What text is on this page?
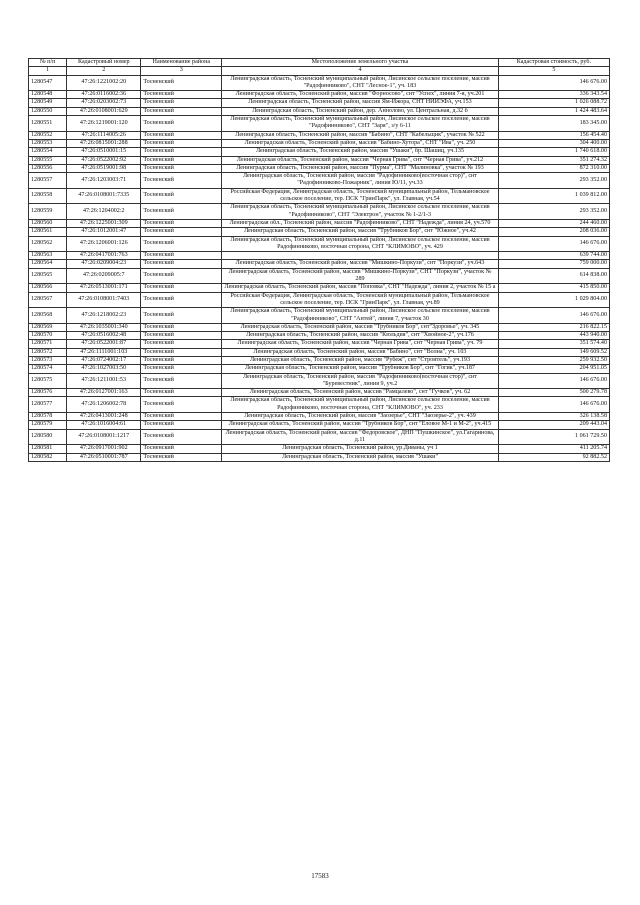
№ п/п	Кадастровый номер	Наименование района	Местоположение земельного участка	Кадастровая стоимость, руб.
1	2	3	4	5
1280547	47:26:1221002:20	Тосненский	Ленинградская область, Тосненский муниципальный район, Лисинское сельское поселение, массив "Радофинниково", СНТ "Лесное-1", уч. 183	146 676.00
1280548	47:26:0116002:36	Тосненский	Ленинградская область, Тосненский район, массив "Форносово", снт "Успех", линия 7-я, уч.201	336 343.54
1280549	47:26:0203002:73	Тосненский	Ленинградская область, Тосненский район, массив Ям-Ижора, СНТ НИИЭФА, уч.153	1 026 088.72
1280550	47:26:0108001:629	Тосненский	Ленинградская область, Тосненский район, дер. Аннолово, ул. Центральная, д.32 б	1 424 483.64
1280551	47:26:1219001:120	Тосненский	Ленинградская область, Тосненский муниципальный район, Лисинское сельское поселение, массив "Радофинниково", СНТ "Заря", з/у 6-11	183 345.00
1280552	47:26:1114005:26	Тосненский	Ленинградская область, Тосненский район, массив "Бабино", СНТ "Кабельщик", участок № 522	156 454.40
1280553	47:26:0815001:288	Тосненский	Ленинградская область, Тосненский район, массив "Бабино-Хутора", СНТ "Ива", уч. 250	304 400.00
1280554	47:26:0510001:15	Тосненский	Ленинградская область, Тосненский район, массив "Ушаки", бр. Шашиц, уч.135	1 740 618.00
1280555	47:26:0522002:92	Тосненский	Ленинградская область, Тосненский район, массив "Черная Грива", снт "Черная Грива", уч.212	351 274.32
1280556	47:26:0519001:98	Тосненский	Ленинградская область, Тосненский район, массив "Пурма", СНТ "Малиновка", участок № 193	872 310.00
1280557	47:26:1203003:71	Тосненский	Ленинградская область, Тосненский район, массив "Радофинниково(восточная стор)", снт "Радофинниково-Пожарник", линия Ю/11, уч.33	293 352.00
1280558	47:26:0108001:7335	Тосненский	Российская Федерация, Ленинградская область, Тосненский муниципальный район, Тельмановское сельское поселение, тер. ПСК "ГринПарк", ул. Главная, уч.54	1 039 812.00
1280559	47:26:1204002:2	Тосненский	Ленинградская область, Тосненский муниципальный район, Лисинское сельское поселение, массив "Радофинниково", СНТ "Электрон", участок № 1-2/1-3	293 352.00
1280560	47:26:1225001:309	Тосненский	Ленинградская обл., Тосненский район, массив "Радофинниково", СНТ "Надежда", линия 24, уч.570	244 460.00
1280561	47:26:1012001:47	Тосненский	Ленинградская область, Тосненский район, массив "Трубников Бор", снт "Южное", уч.42	208 036.00
1280562	47:26:1206001:126	Тосненский	Ленинградская область, Тосненский муниципальный район, Лисинское сельское поселение, массив Радофинниково, восточная сторона, СНТ "КЛИМОВО", уч. 429	146 676.00
1280563	47:26:0417001:763	Тосненский		639 744.00
1280564	47:26:0209004:23	Тосненский	Ленинградская область, Тосненский район, массив "Мишкино-Поркузи", снт "Поркузи", уч.643	759 000.00
1280565	47:26:0209005:7	Тосненский	Ленинградская область, Тосненский район, массив "Мишкино-Поркузи", СНТ "Поркузи", участок № 289	614 838.00
1280566	47:26:0513001:171	Тосненский	Ленинградская область, Тосненский район, массив "Поповка", СНТ "Надежда", линия 2, участок № 15 а	415 850.00
1280567	47:26:0108001:7403	Тосненский	Российская Федерация, Ленинградская область, Тосненский муниципальный район, Тельмановское сельское поселение, тер. ПСК "ГринПарк", ул. Главная, уч.89	1 029 804.00
1280568	47:26:1218002:23	Тосненский	Ленинградская область, Тосненский муниципальный район, Лисинское сельское поселение, массив "Радофинниково", СНТ "Антей", линия 7, участок 30	146 676.00
1280569	47:26:1035001:340	Тосненский	Ленинградская область, Тосненский район, массив "Трубников Бор", снт"Здоровье", уч. 345	216 822.15
1280570	47:26:0516002:48	Тосненский	Ленинградская область, Тосненский район, массив "Кюльдия", снт "Хвойное-2", уч.176	443 940.00
1280571	47:26:0522001:87	Тосненский	Ленинградская область, Тосненский район, массив "Черная Грива", снт "Черная Грива", уч. 79	351 574.40
1280572	47:26:1111001:103	Тосненский	Ленинградская область, Тосненский район, массив "Бабино", снт "Волна", уч. 103	149 609.52
1280573	47:26:0724002:17	Тосненский	Ленинградская область, Тосненский район, массив "Рубеж", снт "Строитель", уч.193	259 932.50
1280574	47:26:1027003:50	Тосненский	Ленинградская область, Тосненский район, массив "Трубников Бор", снт "Гогик", уч.187	204 951.05
1280575	47:26:1211001:53	Тосненский	Ленинградская область, Тосненский район, массив "Радофинниково(восточная стор)", снт "Буревестник", линия 9, уч.2	146 676.00
1280576	47:26:0127001:163	Тосненский	Ленинградская область, Тосненский район, массив "Рамцалево", снт "Гучков", уч. 62	500 279.78
1280577	47:26:1206002:78	Тосненский	Ленинградская область, Тосненский муниципальный район, Лисинское сельское поселение, массив Радофинниково, восточная сторона, СНТ "КЛИМОВО", уч. 233	146 676.00
1280578	47:26:0413001:248	Тосненский	Ленинградская область, Тосненский район, массив "Заозерье", СНТ "Заозерье-2", уч. 439	326 138.58
1280579	47:26:1016004:61	Тосненский	Ленинградская область, Тосненский район, массив "Трубников Бор", снт "Еловое М-1 и М-2", уч.415	209 443.04
1280580	47:26:0108001:1217	Тосненский	Ленинградская область, Тосненский район, массив "Федоровское", ДНП "Пушкинское", ул.Гагаринова, д.11	1 061 729.50
1280581	47:26:0917001:902	Тосненский	Ленинградская область, Тосненский район, ур.Диваны, уч 1	411 205.74
1280582	47:26:0510001:787	Тосненский	Ленинградская область, Тосненский район, массив "Ушаки"	92 882.52
17583
